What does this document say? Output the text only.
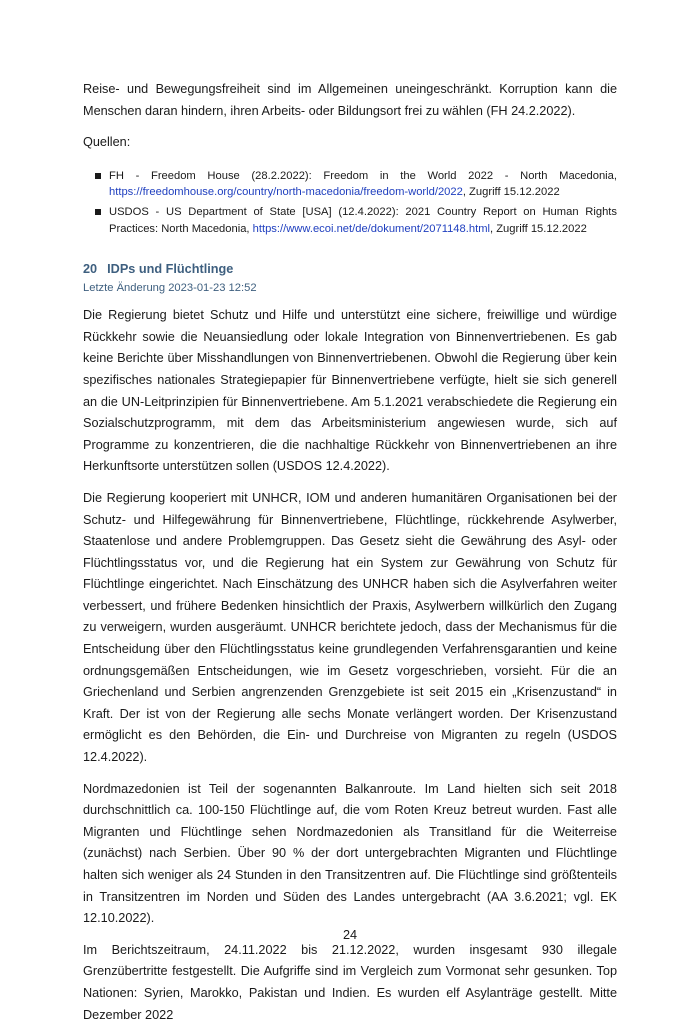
Reise- und Bewegungsfreiheit sind im Allgemeinen uneingeschränkt. Korruption kann die Menschen daran hindern, ihren Arbeits- oder Bildungsort frei zu wählen (FH 24.2.2022).

Quellen:

FH - Freedom House (28.2.2022): Freedom in the World 2022 - North Macedonia, https://freedomhouse.org/country/north-macedonia/freedom-world/2022, Zugriff 15.12.2022
USDOS - US Department of State [USA] (12.4.2022): 2021 Country Report on Human Rights Practices: North Macedonia, https://www.ecoi.net/de/dokument/2071148.html, Zugriff 15.12.2022
20 IDPs und Flüchtlinge
Letzte Änderung 2023-01-23 12:52

Die Regierung bietet Schutz und Hilfe und unterstützt eine sichere, freiwillige und würdige Rückkehr sowie die Neuansiedlung oder lokale Integration von Binnenvertriebenen. Es gab keine Berichte über Misshandlungen von Binnenvertriebenen. Obwohl die Regierung über kein spezifisches nationales Strategiepapier für Binnenvertriebene verfügte, hielt sie sich generell an die UN-Leitprinzipien für Binnenvertriebene. Am 5.1.2021 verabschiedete die Regierung ein Sozialschutzprogramm, mit dem das Arbeitsministerium angewiesen wurde, sich auf Programme zu konzentrieren, die die nachhaltige Rückkehr von Binnenvertriebenen an ihre Herkunftsorte unterstützen sollen (USDOS 12.4.2022).

Die Regierung kooperiert mit UNHCR, IOM und anderen humanitären Organisationen bei der Schutz- und Hilfegewährung für Binnenvertriebene, Flüchtlinge, rückkehrende Asylwerber, Staatenlose und andere Problemgruppen. Das Gesetz sieht die Gewährung des Asyl- oder Flüchtlingsstatus vor, und die Regierung hat ein System zur Gewährung von Schutz für Flüchtlinge eingerichtet. Nach Einschätzung des UNHCR haben sich die Asylverfahren weiter verbessert, und frühere Bedenken hinsichtlich der Praxis, Asylwerbern willkürlich den Zugang zu verweigern, wurden ausgeräumt. UNHCR berichtete jedoch, dass der Mechanismus für die Entscheidung über den Flüchtlingsstatus keine grundlegenden Verfahrensgarantien und keine ordnungsgemäßen Entscheidungen, wie im Gesetz vorgeschrieben, vorsieht. Für die an Griechenland und Serbien angrenzenden Grenzgebiete ist seit 2015 ein „Krisenzustand“ in Kraft. Der ist von der Regierung alle sechs Monate verlängert worden. Der Krisenzustand ermöglicht es den Behörden, die Ein- und Durchreise von Migranten zu regeln (USDOS 12.4.2022).

Nordmazedonien ist Teil der sogenannten Balkanroute. Im Land hielten sich seit 2018 durchschnittlich ca. 100-150 Flüchtlinge auf, die vom Roten Kreuz betreut wurden. Fast alle Migranten und Flüchtlinge sehen Nordmazedonien als Transitland für die Weiterreise (zunächst) nach Serbien. Über 90 % der dort untergebrachten Migranten und Flüchtlinge halten sich weniger als 24 Stunden in den Transitzentren auf. Die Flüchtlinge sind größtenteils in Transitzentren im Norden und Süden des Landes untergebracht (AA 3.6.2021; vgl. EK 12.10.2022).

Im Berichtszeitraum, 24.11.2022 bis 21.12.2022, wurden insgesamt 930 illegale Grenzübertritte festgestellt. Die Aufgriffe sind im Vergleich zum Vormonat sehr gesunken. Top Nationen: Syrien, Marokko, Pakistan und Indien. Es wurden elf Asylanträge gestellt. Mitte Dezember 2022

24
